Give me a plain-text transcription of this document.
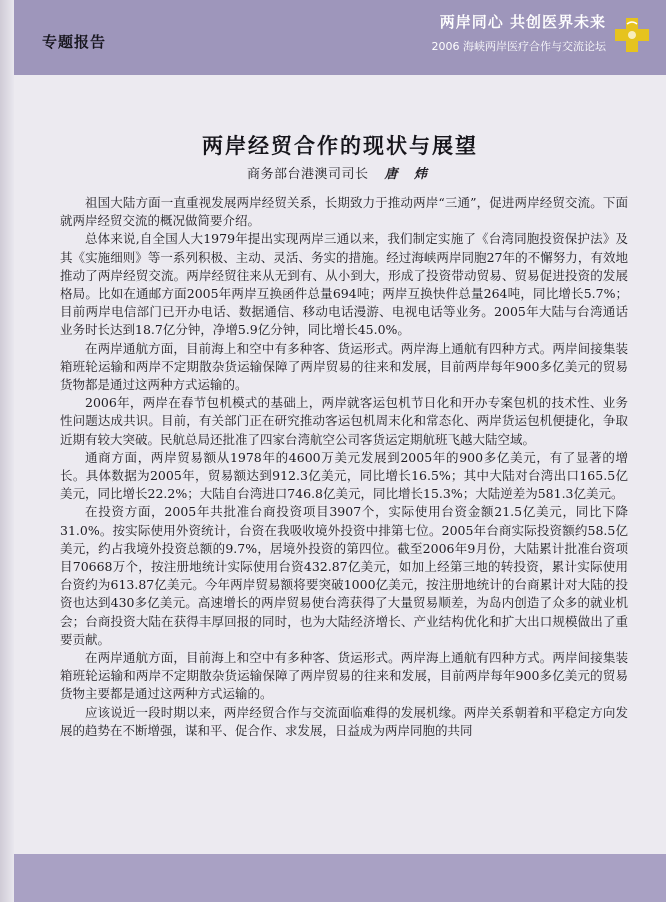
专题报告

两岸同心 共创医界未来

2006 海峡两岸医疗合作与交流论坛

两岸经贸合作的现状与展望

商务部台港澳司司长 唐 炜

祖国大陆方面一直重视发展两岸经贸关系，长期致力于推动两岸“三通”，促进两岸经贸交流。下面就两岸经贸交流的概况做简要介绍。

总体来说,自全国人大1979年提出实现两岸三通以来，我们制定实施了《台湾同胞投资保护法》及其《实施细则》等一系列积极、主动、灵活、务实的措施。经过海峡两岸同胞27年的不懈努力，有效地推动了两岸经贸交流。两岸经贸往来从无到有、从小到大，形成了投资带动贸易、贸易促进投资的发展格局。比如在通邮方面2005年两岸互换函件总量694吨；两岸互换快件总量264吨，同比增长5.7%；目前两岸电信部门已开办电话、数据通信、移动电话漫游、电视电话等业务。2005年大陆与台湾通话业务时长达到18.7亿分钟，净增5.9亿分钟，同比增长45.0%。

在两岸通航方面，目前海上和空中有多种客、货运形式。两岸海上通航有四种方式。两岸间接集装箱班轮运输和两岸不定期散杂货运输保障了两岸贸易的往来和发展，目前两岸每年900多亿美元的贸易货物都是通过这两种方式运输的。

2006年，两岸在春节包机模式的基础上，两岸就客运包机节日化和开办专案包机的技术性、业务性问题达成共识。目前，有关部门正在研究推动客运包机周末化和常态化、两岸货运包机便捷化，争取近期有较大突破。民航总局还批准了四家台湾航空公司客货运定期航班飞越大陆空域。

通商方面，两岸贸易额从1978年的4600万美元发展到2005年的900多亿美元，有了显著的增长。具体数据为2005年，贸易额达到912.3亿美元，同比增长16.5%；其中大陆对台湾出口165.5亿美元，同比增长22.2%；大陆自台湾进口746.8亿美元，同比增长15.3%；大陆逆差为581.3亿美元。

在投资方面，2005年共批准台商投资项目3907个，实际使用台资金额21.5亿美元，同比下降31.0%。按实际使用外资统计，台资在我吸收境外投资中排第七位。2005年台商实际投资额约58.5亿美元，约占我境外投资总额的9.7%，居境外投资的第四位。截至2006年9月份，大陆累计批准台资项目70668万个，按注册地统计实际使用台资432.87亿美元，如加上经第三地的转投资，累计实际使用台资约为613.87亿美元。今年两岸贸易额将要突破1000亿美元，按注册地统计的台商累计对大陆的投资也达到430多亿美元。高速增长的两岸贸易使台湾获得了大量贸易顺差，为岛内创造了众多的就业机会；台商投资大陆在获得丰厚回报的同时，也为大陆经济增长、产业结构优化和扩大出口规模做出了重要贡献。

在两岸通航方面，目前海上和空中有多种客、货运形式。两岸海上通航有四种方式。两岸间接集装箱班轮运输和两岸不定期散杂货运输保障了两岸贸易的往来和发展，目前两岸每年900多亿美元的贸易货物主要都是通过这两种方式运输的。

应该说近一段时期以来，两岸经贸合作与交流面临难得的发展机缘。两岸关系朝着和平稳定方向发展的趋势在不断增强，谋和平、促合作、求发展，日益成为两岸同胞的共同
